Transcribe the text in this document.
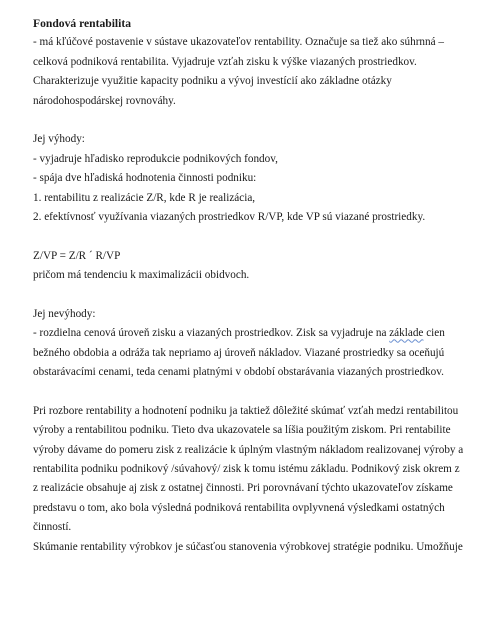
Fondová rentabilita
- má kľúčové postavenie v sústave ukazovateľov rentability. Označuje sa tiež ako súhrnná –
celková podniková rentabilita. Vyjadruje vzťah zisku k výške viazaných prostriedkov.
Charakterizuje využitie kapacity podniku a vývoj investícií ako základne otázky
národohospodárskej rovnováhy.
Jej výhody:
- vyjadruje hľadisko reprodukcie podnikových fondov,
- spája dve hľadiská hodnotenia činnosti podniku:
1. rentabilitu z realizácie Z/R, kde R je realizácia,
2. efektívnosť využívania viazaných prostriedkov R/VP, kde VP sú viazané prostriedky.
Z/VP = Z/R ´ R/VP
pričom má tendenciu k maximalizácii obidvoch.
Jej nevýhody:
- rozdielna cenová úroveň zisku a viazaných prostriedkov. Zisk sa vyjadruje na základe cien
bežného obdobia a odráža tak nepriamo aj úroveň nákladov. Viazané prostriedky sa oceňujú
obstarávacími cenami, teda cenami platnými v období obstarávania viazaných prostriedkov.
Pri rozbore rentability a hodnotení podniku ja taktiež dôležité skúmať vzťah medzi rentabilitou
výroby a rentabilitou podniku. Tieto dva ukazovatele sa líšia použitým ziskom. Pri rentabilite
výroby dávame do pomeru zisk z realizácie k úplným vlastným nákladom realizovanej výroby a
rentabilita podniku podnikový /súvahový/ zisk k tomu istému základu. Podnikový zisk okrem z
z realizácie obsahuje aj zisk z ostatnej činnosti. Pri porovnávaní týchto ukazovateľov získame
predstavu o tom, ako bola výsledná podniková rentabilita ovplyvnená výsledkami ostatných
činností.
Skúmanie rentability výrobkov je súčasťou stanovenia výrobkovej stratégie podniku. Umožňuje
